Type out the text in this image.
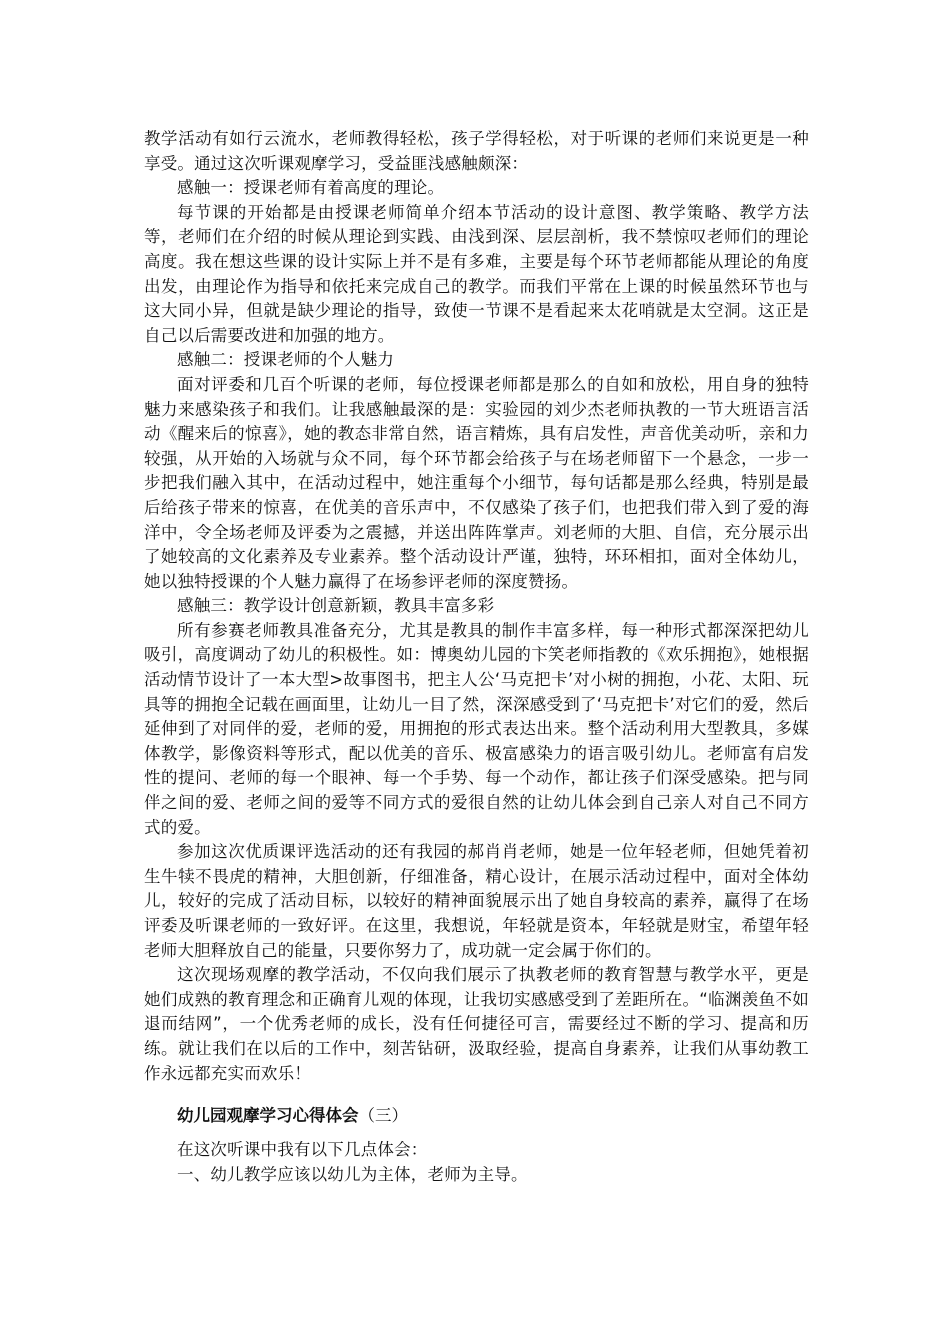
教学活动有如行云流水，老师教得轻松，孩子学得轻松，对于听课的老师们来说更是一种享受。通过这次听课观摩学习，受益匪浅感触颇深：

感触一：授课老师有着高度的理论。

每节课的开始都是由授课老师简单介绍本节活动的设计意图、教学策略、教学方法等，老师们在介绍的时候从理论到实践、由浅到深、层层剖析，我不禁惊叹老师们的理论高度。我在想这些课的设计实际上并不是有多难，主要是每个环节老师都能从理论的角度出发，由理论作为指导和依托来完成自己的教学。而我们平常在上课的时候虽然环节也与这大同小异，但就是缺少理论的指导，致使一节课不是看起来太花哨就是太空洞。这正是自己以后需要改进和加强的地方。

感触二：授课老师的个人魅力

面对评委和几百个听课的老师，每位授课老师都是那么的自如和放松，用自身的独特魅力来感染孩子和我们。让我感触最深的是：实验园的刘少杰老师执教的一节大班语言活动《醒来后的惊喜》，她的教态非常自然，语言精炼，具有启发性，声音优美动听，亲和力较强，从开始的入场就与众不同，每个环节都会给孩子与在场老师留下一个悬念，一步一步把我们融入其中，在活动过程中，她注重每个小细节，每句话都是那么经典，特别是最后给孩子带来的惊喜，在优美的音乐声中，不仅感染了孩子们，也把我们带入到了爱的海洋中，令全场老师及评委为之震撼，并送出阵阵掌声。刘老师的大胆、自信，充分展示出了她较高的文化素养及专业素养。整个活动设计严谨，独特，环环相扣，面对全体幼儿，她以独特授课的个人魅力赢得了在场参评老师的深度赞扬。

感触三：教学设计创意新颖，教具丰富多彩

所有参赛老师教具准备充分，尤其是教具的制作丰富多样，每一种形式都深深把幼儿吸引，高度调动了幼儿的积极性。如：博奥幼儿园的卞笑老师指教的《欢乐拥抱》，她根据活动情节设计了一本大型>故事图书，把主人公‘马克把卡’对小树的拥抱，小花、太阳、玩具等的拥抱全记载在画面里，让幼儿一目了然，深深感受到了‘马克把卡’对它们的爱，然后延伸到了对同伴的爱，老师的爱，用拥抱的形式表达出来。整个活动利用大型教具，多媒体教学，影像资料等形式，配以优美的音乐、极富感染力的语言吸引幼儿。老师富有启发性的提问、老师的每一个眼神、每一个手势、每一个动作，都让孩子们深受感染。把与同伴之间的爱、老师之间的爱等不同方式的爱很自然的让幼儿体会到自己亲人对自己不同方式的爱。

参加这次优质课评选活动的还有我园的郝肖肖老师，她是一位年轻老师，但她凭着初生牛犊不畏虎的精神，大胆创新，仔细准备，精心设计，在展示活动过程中，面对全体幼儿，较好的完成了活动目标，以较好的精神面貌展示出了她自身较高的素养，赢得了在场评委及听课老师的一致好评。在这里，我想说，年轻就是资本，年轻就是财宝，希望年轻老师大胆释放自己的能量，只要你努力了，成功就一定会属于你们的。

这次现场观摩的教学活动，不仅向我们展示了执教老师的教育智慧与教学水平，更是她们成熟的教育理念和正确育儿观的体现，让我切实感感受到了差距所在。“临渊羡鱼不如退而结网”，一个优秀老师的成长，没有任何捷径可言，需要经过不断的学习、提高和历练。就让我们在以后的工作中，刻苦钻研，汲取经验，提高自身素养，让我们从事幼教工作永远都充实而欢乐！

幼儿园观摩学习心得体会（三）

在这次听课中我有以下几点体会：

一、幼儿教学应该以幼儿为主体，老师为主导。
